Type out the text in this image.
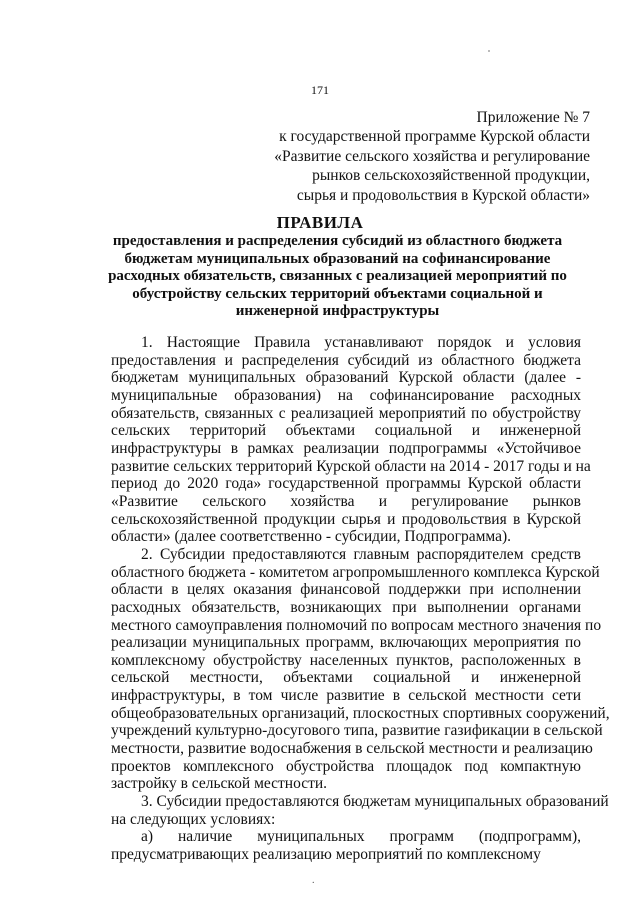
171
Приложение № 7
к государственной программе Курской области
«Развитие сельского хозяйства и регулирование
рынков сельскохозяйственной продукции,
сырья и продовольствия в Курской области»
ПРАВИЛА
предоставления и распределения субсидий из областного бюджета
бюджетам муниципальных образований на софинансирование
расходных обязательств, связанных с реализацией мероприятий по
обустройству сельских территорий объектами социальной и
инженерной инфраструктуры
1. Настоящие Правила устанавливают порядок и условия
предоставления и распределения субсидий из областного бюджета
бюджетам муниципальных образований Курской области (далее -
муниципальные образования) на софинансирование расходных
обязательств, связанных с реализацией мероприятий по обустройству
сельских территорий объектами социальной и инженерной
инфраструктуры в рамках реализации подпрограммы «Устойчивое
развитие сельских территорий Курской области на 2014 - 2017 годы и на
период до 2020 года» государственной программы Курской области
«Развитие сельского хозяйства и регулирование рынков
сельскохозяйственной продукции сырья и продовольствия в Курской
области» (далее соответственно - субсидии, Подпрограмма).
2. Субсидии предоставляются главным распорядителем средств
областного бюджета - комитетом агропромышленного комплекса Курской
области в целях оказания финансовой поддержки при исполнении
расходных обязательств, возникающих при выполнении органами
местного самоуправления полномочий по вопросам местного значения по
реализации муниципальных программ, включающих мероприятия по
комплексному обустройству населенных пунктов, расположенных в
сельской местности, объектами социальной и инженерной
инфраструктуры, в том числе развитие в сельской местности сети
общеобразовательных организаций, плоскостных спортивных сооружений,
учреждений культурно-досугового типа, развитие газификации в сельской
местности, развитие водоснабжения в сельской местности и реализацию
проектов комплексного обустройства площадок под компактную
застройку в сельской местности.
3. Субсидии предоставляются бюджетам муниципальных образований
на следующих условиях:
а) наличие муниципальных программ (подпрограмм),
предусматривающих реализацию мероприятий по комплексному
.
